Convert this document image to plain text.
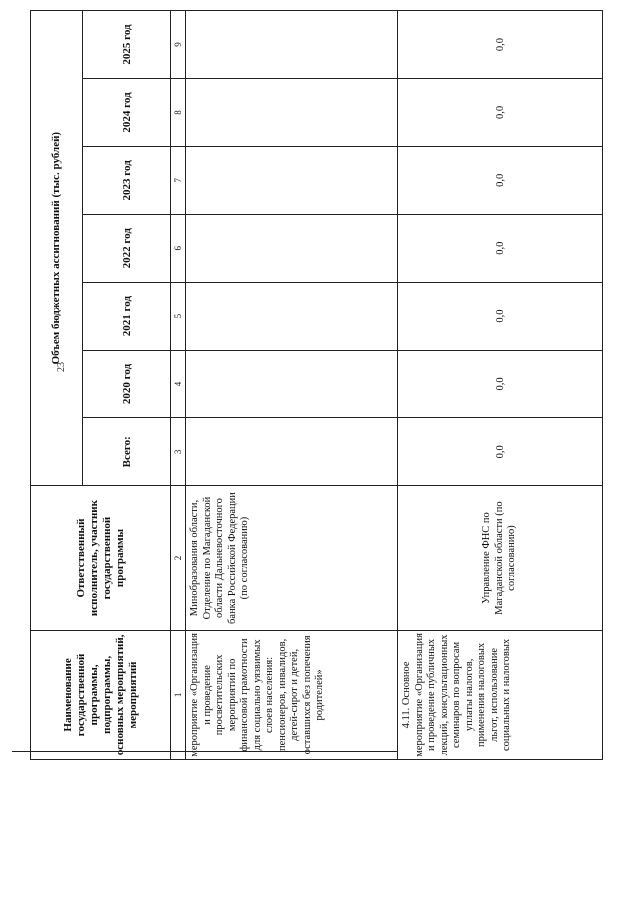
23
Наименование государственной программы, подпрограммы, основных мероприятий, мероприятий	Ответственный исполнитель, участник государственной программы	Объем бюджетных ассигнований (тыс. рублей)						
		Всего:	2020 год	2021 год	2022 год	2023 год	2024 год	2025 год
1	2	3	4	5	6	7	8	9
мероприятие «Организация и проведение просветительских мероприятий по финансовой грамотности для социально уязвимых слоев населения: пенсионеров, инвалидов, детей-сирот и детей, оставшихся без попечения родителей»	Минобразования области, Отделение по Магаданской области Дальневосточного банка Российской Федерации (по согласованию)							
4.11. Основное мероприятие «Организация и проведение публичных лекций, консультационных семинаров по вопросам уплаты налогов, применения налоговых льгот, использование социальных и налоговых	Управление ФНС по Магаданской области (по согласованию)	0,0	0,0	0,0	0,0	0,0	0,0	0,0
